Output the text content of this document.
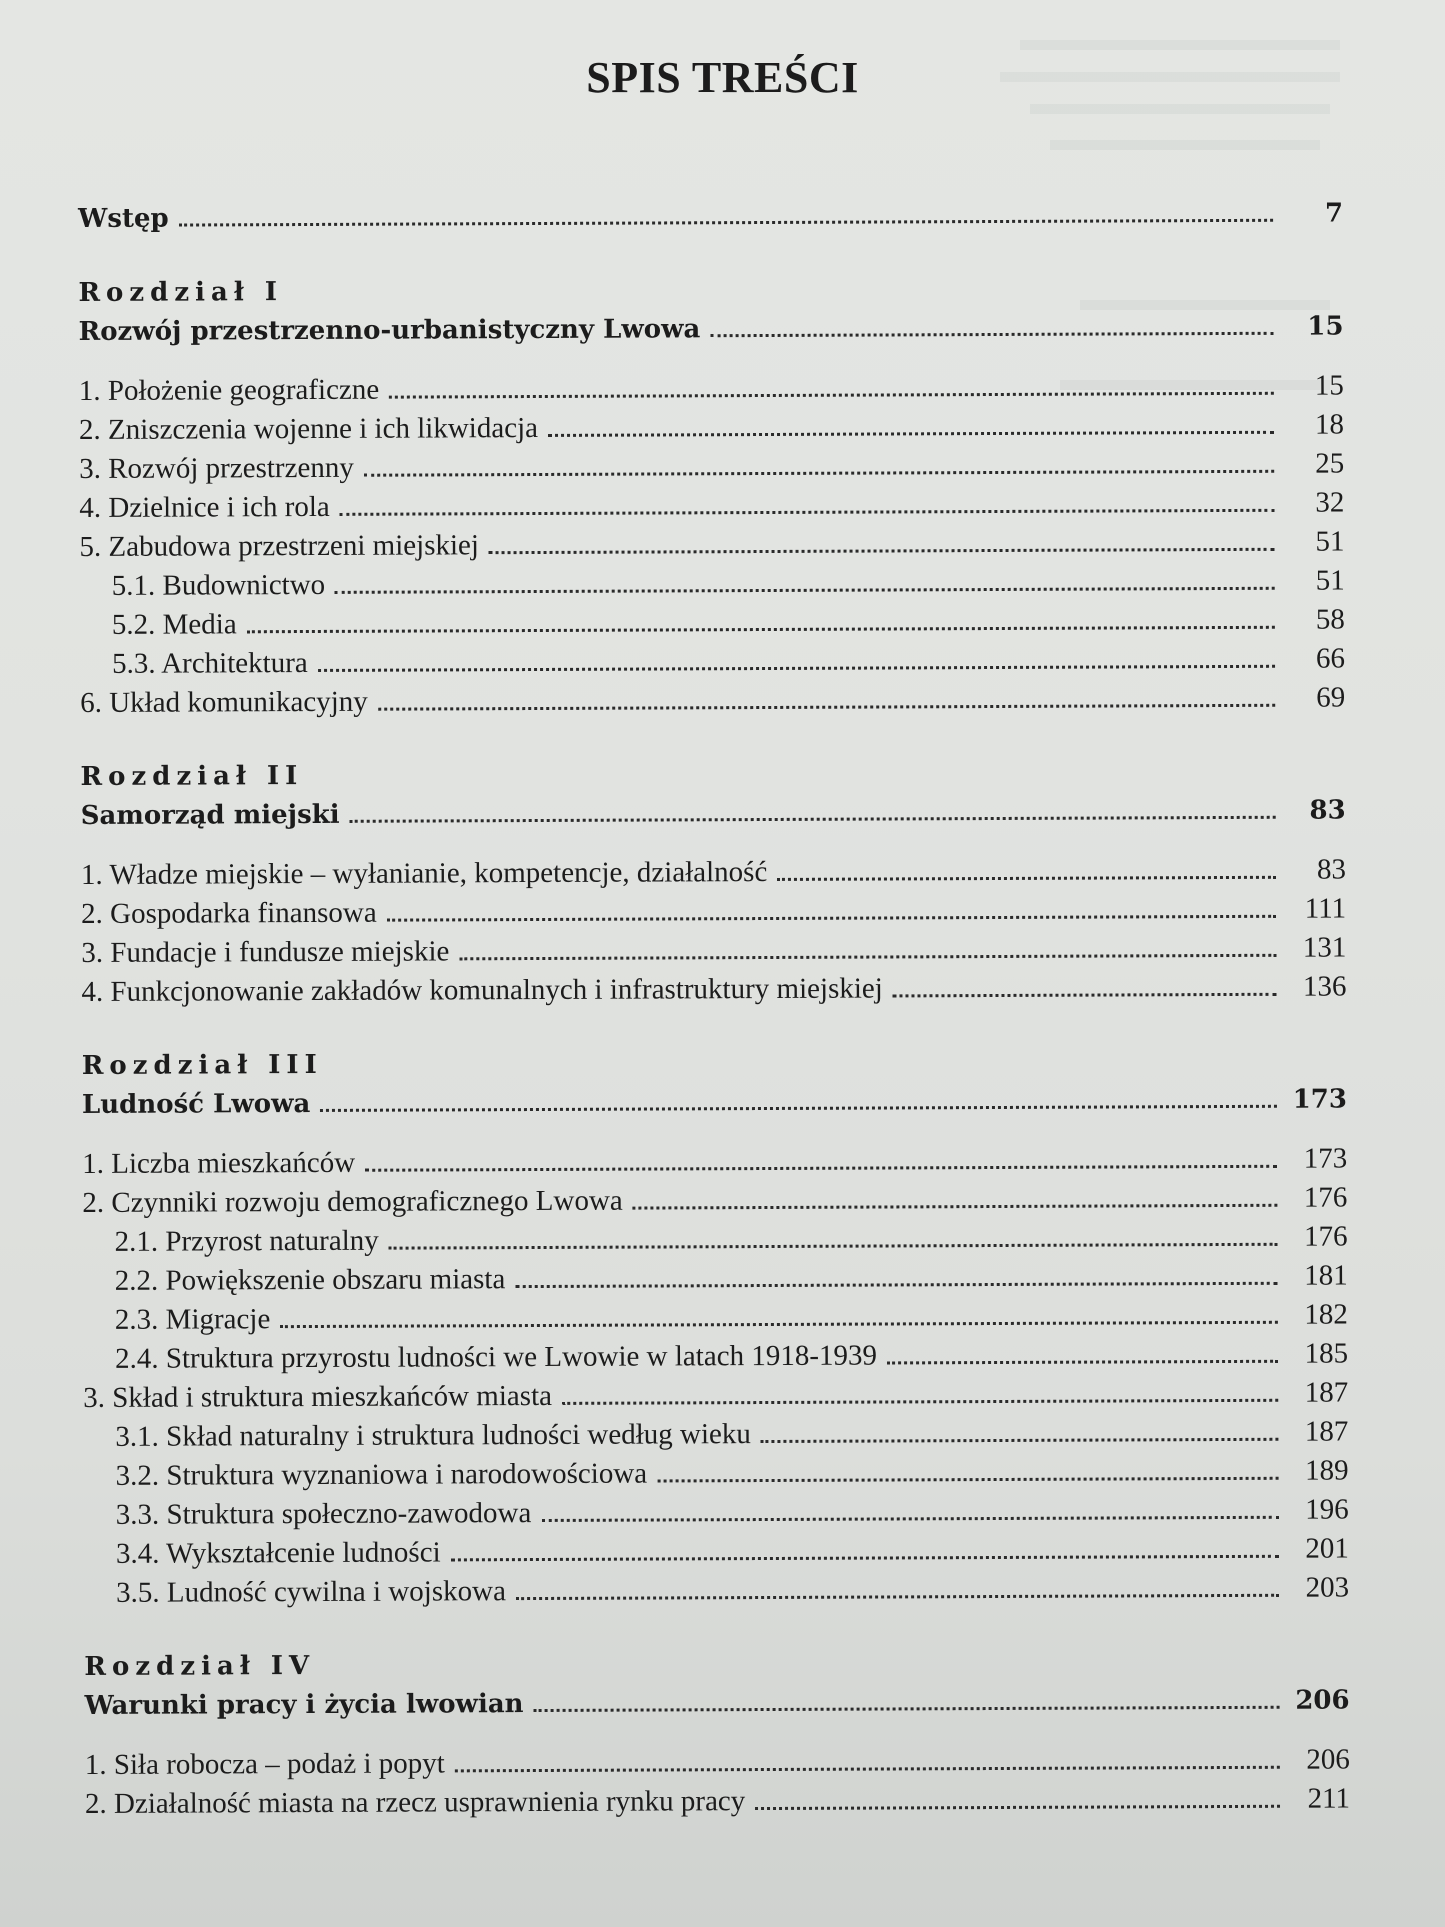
SPIS TREŚCI
Wstęp	7
Rozdział I
Rozwój przestrzenno-urbanistyczny Lwowa	15
1. Położenie geograficzne	15
2. Zniszczenia wojenne i ich likwidacja	18
3. Rozwój przestrzenny	25
4. Dzielnice i ich rola	32
5. Zabudowa przestrzeni miejskiej	51
5.1. Budownictwo	51
5.2. Media	58
5.3. Architektura	66
6. Układ komunikacyjny	69
Rozdział II
Samorząd miejski	83
1. Władze miejskie – wyłanianie, kompetencje, działalność	83
2. Gospodarka finansowa	111
3. Fundacje i fundusze miejskie	131
4. Funkcjonowanie zakładów komunalnych i infrastruktury miejskiej	136
Rozdział III
Ludność Lwowa	173
1. Liczba mieszkańców	173
2. Czynniki rozwoju demograficznego Lwowa	176
2.1. Przyrost naturalny	176
2.2. Powiększenie obszaru miasta	181
2.3. Migracje	182
2.4. Struktura przyrostu ludności we Lwowie w latach 1918-1939	185
3. Skład i struktura mieszkańców miasta	187
3.1. Skład naturalny i struktura ludności według wieku	187
3.2. Struktura wyznaniowa i narodowościowa	189
3.3. Struktura społeczno-zawodowa	196
3.4. Wykształcenie ludności	201
3.5. Ludność cywilna i wojskowa	203
Rozdział IV
Warunki pracy i życia lwowian	206
1. Siła robocza – podaż i popyt	206
2. Działalność miasta na rzecz usprawnienia rynku pracy	211
